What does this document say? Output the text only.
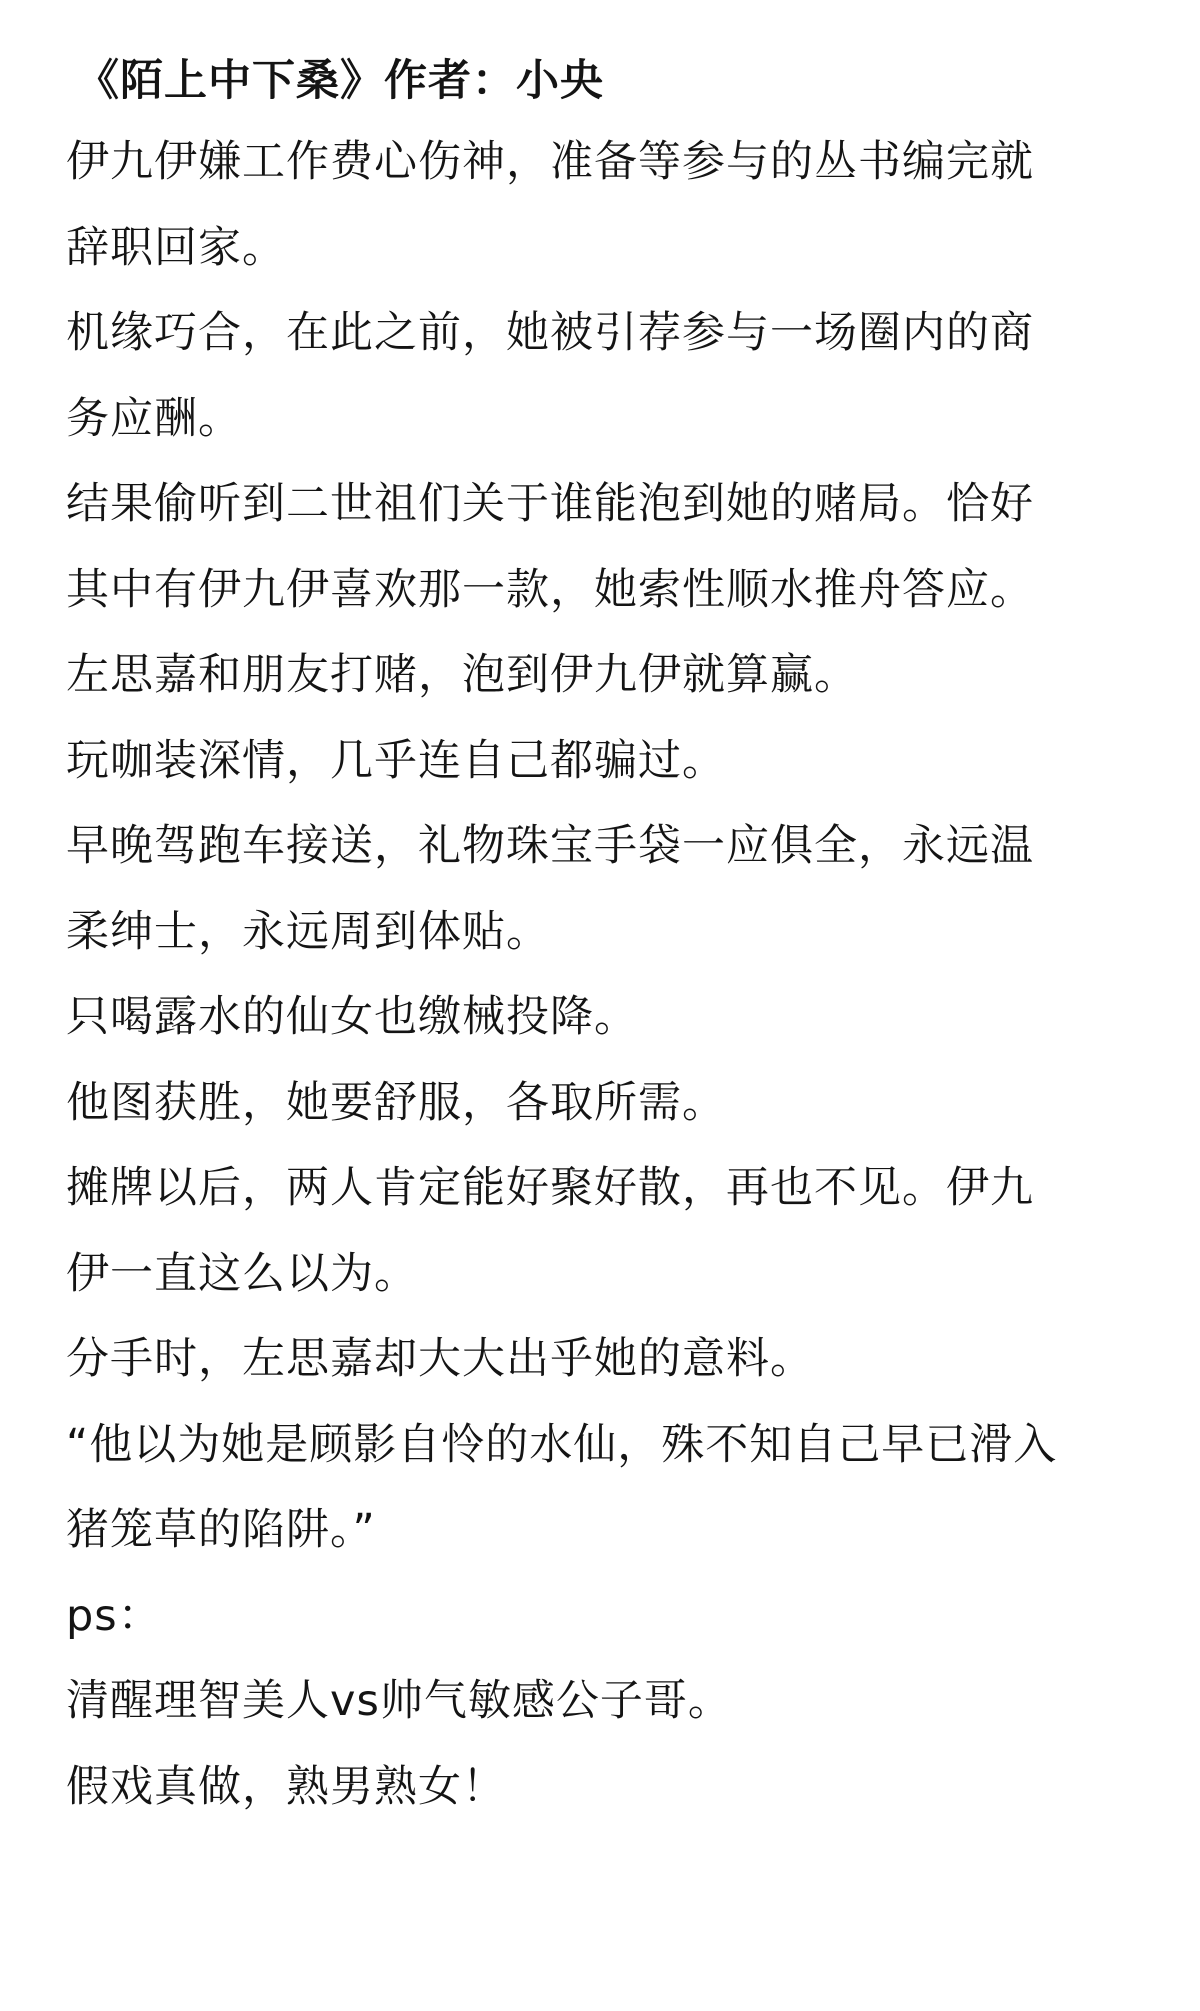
《陌上中下桑》作者：小央
伊九伊嫌工作费心伤神，准备等参与的丛书编完就
辞职回家。
机缘巧合，在此之前，她被引荐参与一场圈内的商
务应酬。
结果偷听到二世祖们关于谁能泡到她的赌局。恰好
其中有伊九伊喜欢那一款，她索性顺水推舟答应。
左思嘉和朋友打赌，泡到伊九伊就算赢。
玩咖装深情，几乎连自己都骗过。
早晚驾跑车接送，礼物珠宝手袋一应俱全，永远温
柔绅士，永远周到体贴。
只喝露水的仙女也缴械投降。
他图获胜，她要舒服，各取所需。
摊牌以后，两人肯定能好聚好散，再也不见。伊九
伊一直这么以为。
分手时，左思嘉却大大出乎她的意料。
“他以为她是顾影自怜的水仙，殊不知自己早已滑入
猪笼草的陷阱。”
ps：
清醒理智美人vs帅气敏感公子哥。
假戏真做，熟男熟女！
